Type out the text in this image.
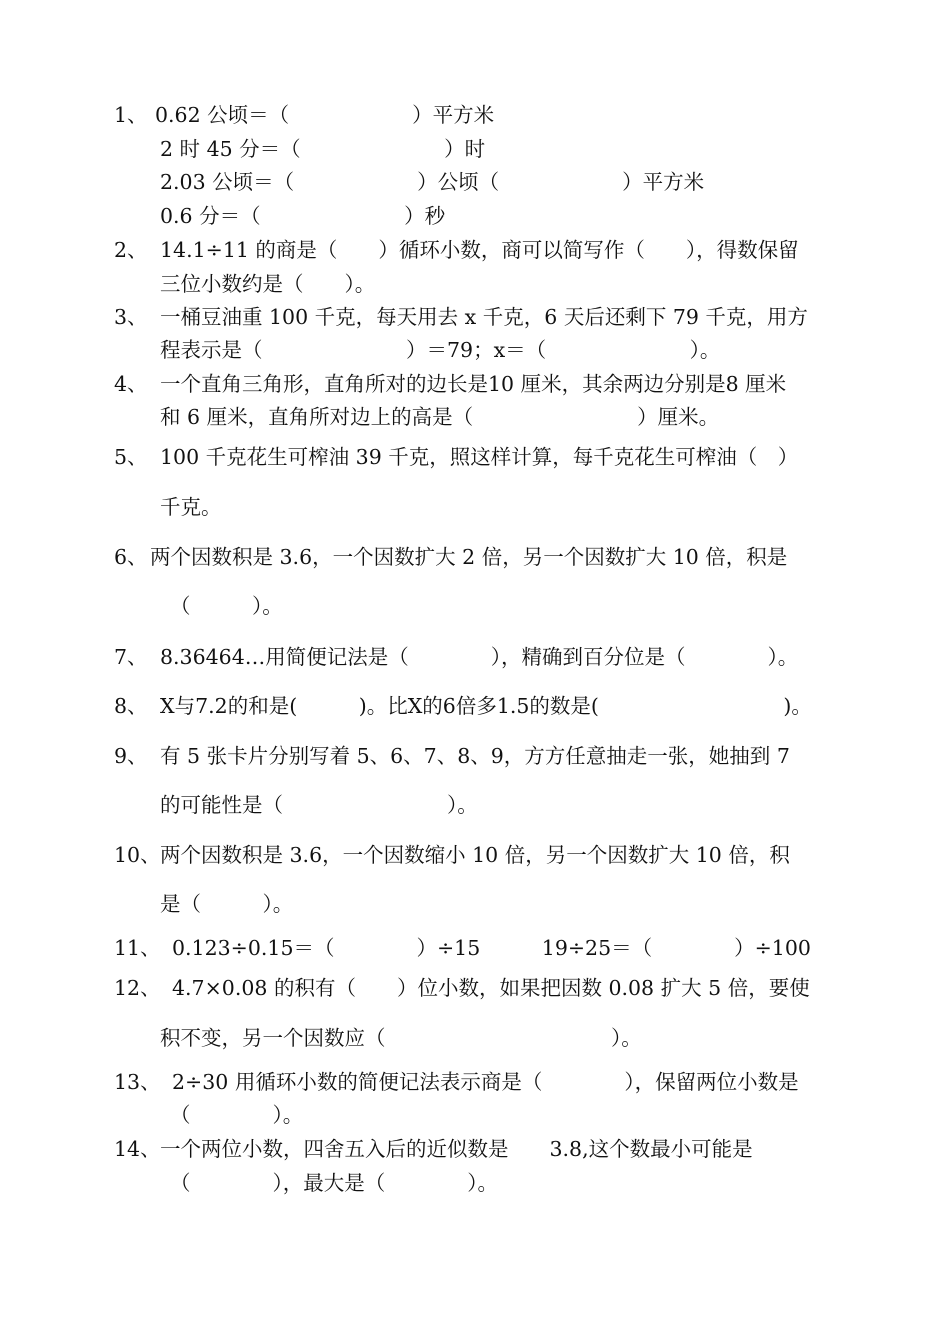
1、 0.62 公顷＝（　　　　　　）平方米
2 时 45 分＝（　　　　　　　）时
2.03 公顷＝（　　　　　　）公顷（　　　　　　）平方米
0.6 分＝（　　　　　　　）秒
2、 14.1÷11 的商是（　　）循环小数，商可以简写作（　　），得数保留
三位小数约是（　　）。
3、 一桶豆油重 100 千克，每天用去 x 千克，6 天后还剩下 79 千克，用方
程表示是（　　　　　　　）＝79；x＝（　　　　　　　）。
4、 一个直角三角形，直角所对的边长是10 厘米，其余两边分别是8 厘米
和 6 厘米，直角所对边上的高是（　　　　　　　　）厘米。
5、 100 千克花生可榨油 39 千克，照这样计算，每千克花生可榨油（　）
千克。
6、 两个因数积是 3.6，一个因数扩大 2 倍，另一个因数扩大 10 倍，积是
（　　　）。
7、 8.36464…用简便记法是（　　　　），精确到百分位是（　　　　）。
8、 X与7.2的和是(　　　)。比X的6倍多1.5的数是(　　　　　　　　　)。
9、 有 5 张卡片分别写着 5、6、7、8、9，方方任意抽走一张，她抽到 7
的可能性是（　　　　　　　　）。
10、 两个因数积是 3.6，一个因数缩小 10 倍，另一个因数扩大 10 倍，积
是（　　　）。
11、 0.123÷0.15＝（　　　　）÷15　　　19÷25＝（　　　　）÷100
12、 4.7×0.08 的积有（　　）位小数，如果把因数 0.08 扩大 5 倍，要使
积不变，另一个因数应（　　　　　　　　　　　）。
13、 2÷30 用循环小数的简便记法表示商是（　　　　），保留两位小数是
（　　　　）。
14、 一个两位小数，四舍五入后的近似数是　　3.8,这个数最小可能是
（　　　　），最大是（　　　　）。
